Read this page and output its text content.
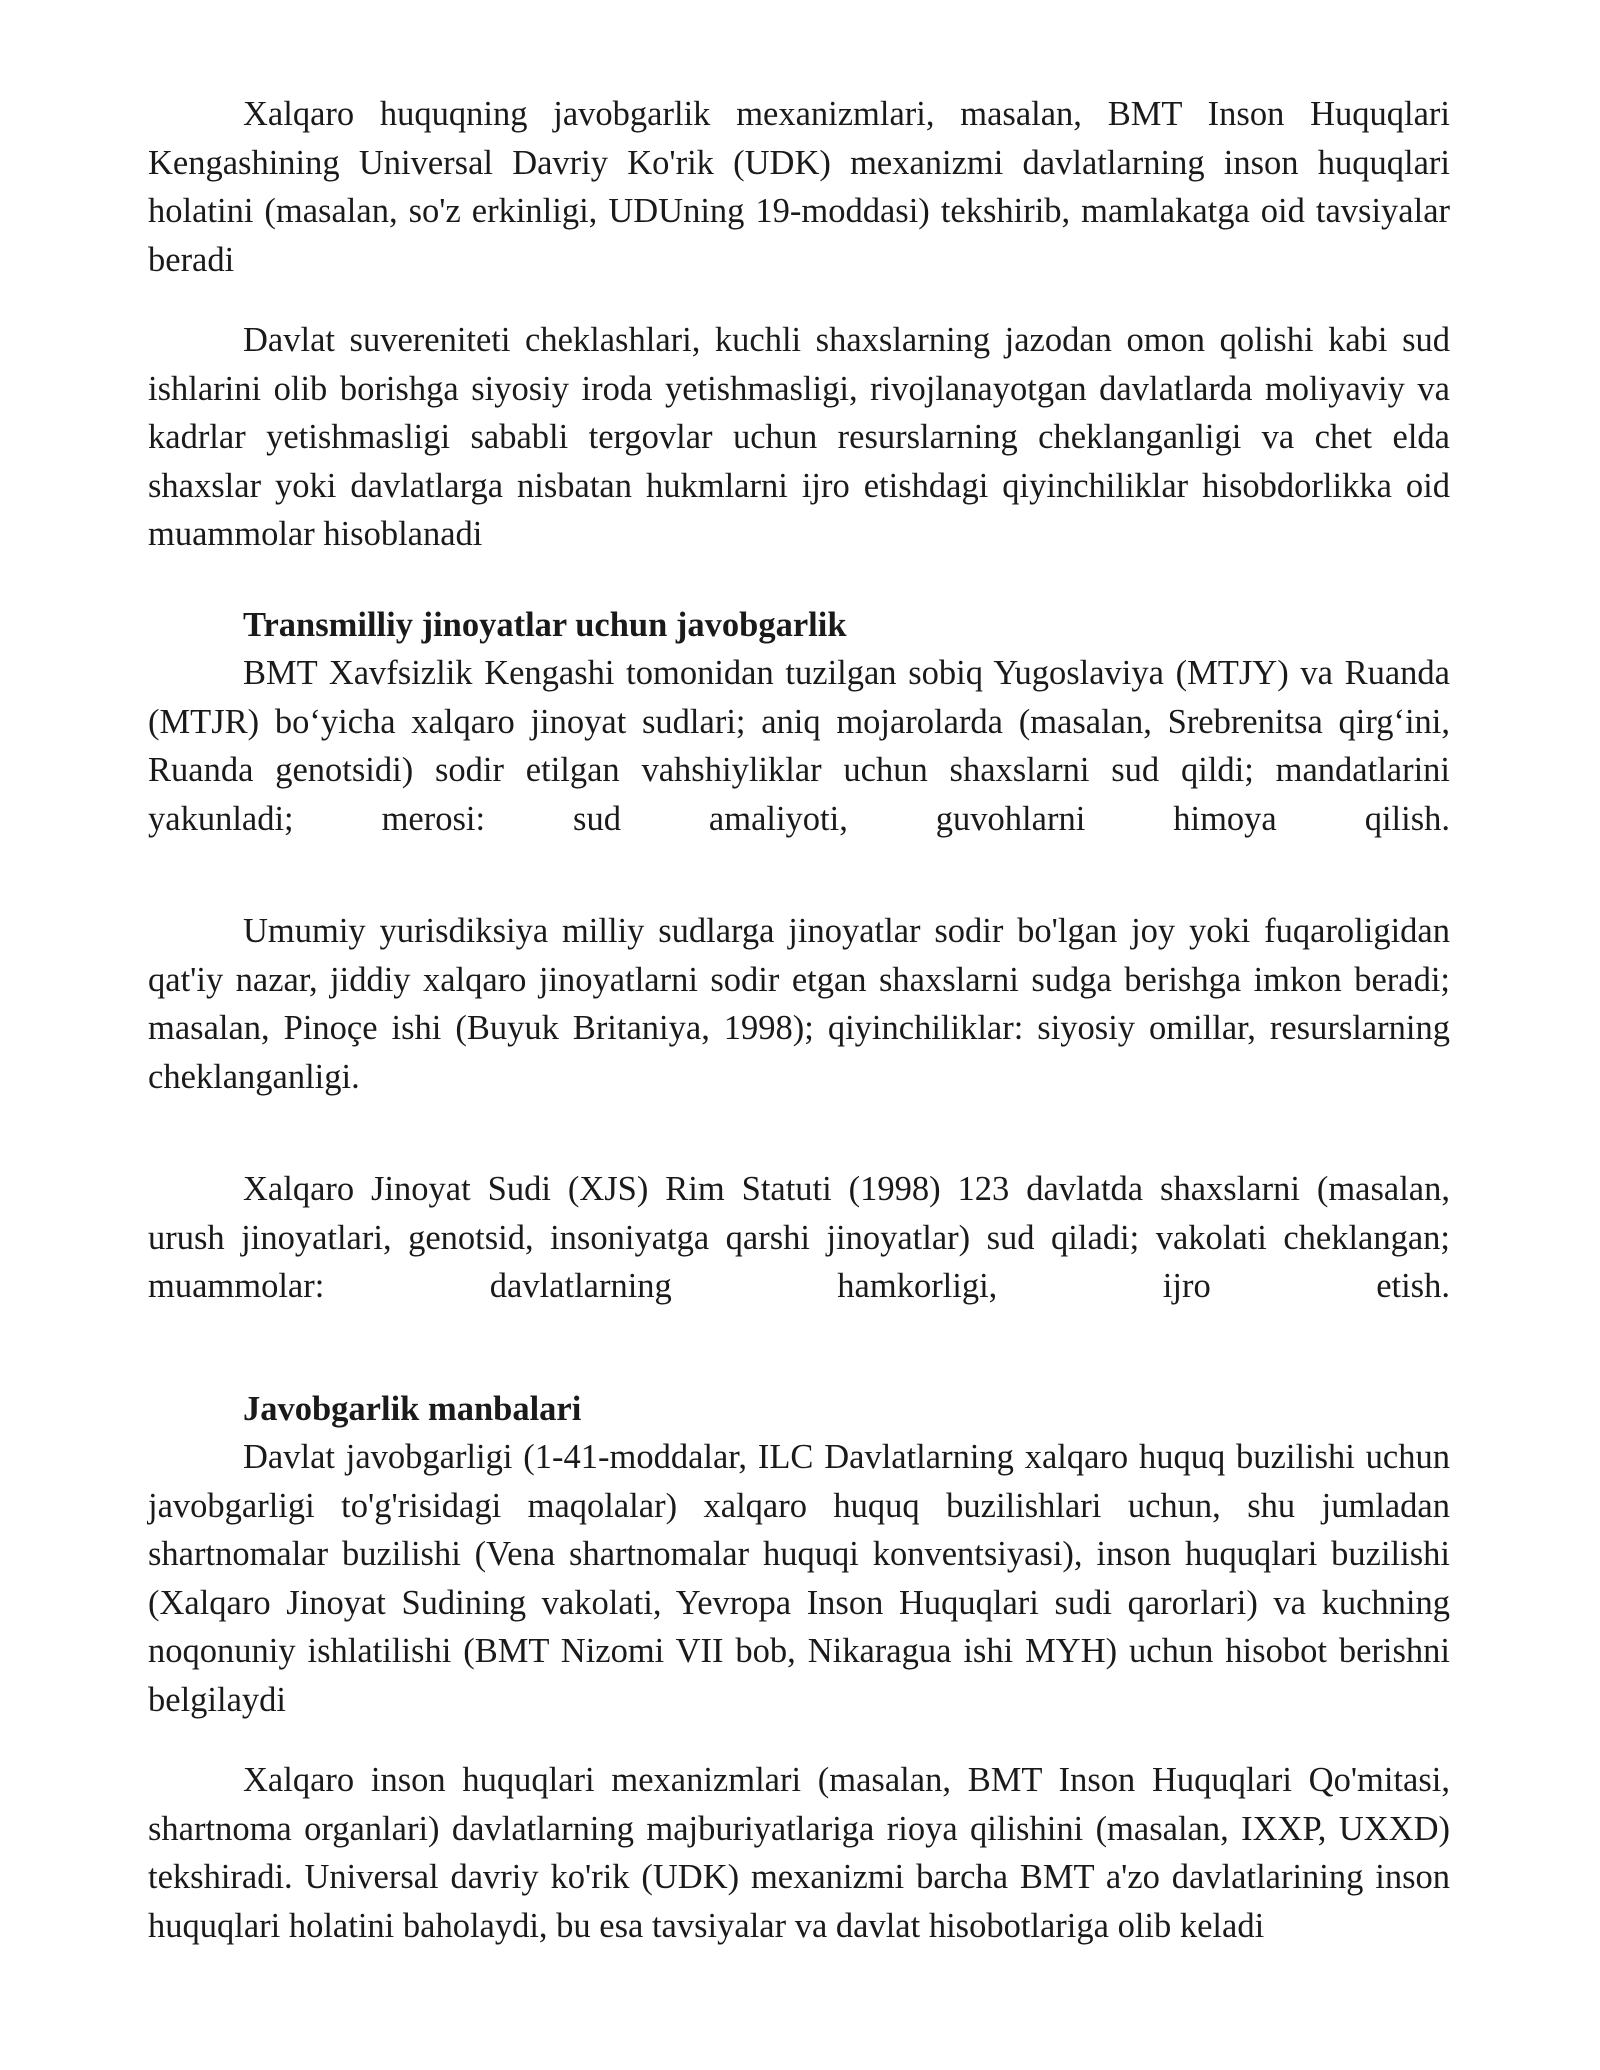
Xalqaro huquqning javobgarlik mexanizmlari, masalan, BMT Inson Huquqlari Kengashining Universal Davriy Ko'rik (UDK) mexanizmi davlatlarning inson huquqlari holatini (masalan, so'z erkinligi, UDUning 19-moddasi) tekshirib, mamlakatga oid tavsiyalar beradi

Davlat suvereniteti cheklashlari, kuchli shaxslarning jazodan omon qolishi kabi sud ishlarini olib borishga siyosiy iroda yetishmasligi, rivojlanayotgan davlatlarda moliyaviy va kadrlar yetishmasligi sababli tergovlar uchun resurslarning cheklanganligi va chet elda shaxslar yoki davlatlarga nisbatan hukmlarni ijro etishdagi qiyinchiliklar hisobdorlikka oid muammolar hisoblanadi

Transmilliy jinoyatlar uchun javobgarlik

BMT Xavfsizlik Kengashi tomonidan tuzilgan sobiq Yugoslaviya (MTJY) va Ruanda (MTJR) bo‘yicha xalqaro jinoyat sudlari; aniq mojarolarda (masalan, Srebrenitsa qirg‘ini, Ruanda genotsidi) sodir etilgan vahshiyliklar uchun shaxslarni sud qildi; mandatlarini yakunladi; merosi: sud amaliyoti, guvohlarni himoya qilish.

Umumiy yurisdiksiya milliy sudlarga jinoyatlar sodir bo'lgan joy yoki fuqaroligidan qat'iy nazar, jiddiy xalqaro jinoyatlarni sodir etgan shaxslarni sudga berishga imkon beradi; masalan, Pinoçe ishi (Buyuk Britaniya, 1998); qiyinchiliklar: siyosiy omillar, resurslarning cheklanganligi.

Xalqaro Jinoyat Sudi (XJS) Rim Statuti (1998) 123 davlatda shaxslarni (masalan, urush jinoyatlari, genotsid, insoniyatga qarshi jinoyatlar) sud qiladi; vakolati cheklangan; muammolar: davlatlarning hamkorligi, ijro etish.

Javobgarlik manbalari

Davlat javobgarligi (1-41-moddalar, ILC Davlatlarning xalqaro huquq buzilishi uchun javobgarligi to'g'risidagi maqolalar) xalqaro huquq buzilishlari uchun, shu jumladan shartnomalar buzilishi (Vena shartnomalar huquqi konventsiyasi), inson huquqlari buzilishi (Xalqaro Jinoyat Sudining vakolati, Yevropa Inson Huquqlari sudi qarorlari) va kuchning noqonuniy ishlatilishi (BMT Nizomi VII bob, Nikaragua ishi MYH) uchun hisobot berishni belgilaydi

Xalqaro inson huquqlari mexanizmlari (masalan, BMT Inson Huquqlari Qo'mitasi, shartnoma organlari) davlatlarning majburiyatlariga rioya qilishini (masalan, IXXP, UXXD) tekshiradi. Universal davriy ko'rik (UDK) mexanizmi barcha BMT a'zo davlatlarining inson huquqlari holatini baholaydi, bu esa tavsiyalar va davlat hisobotlariga olib keladi
